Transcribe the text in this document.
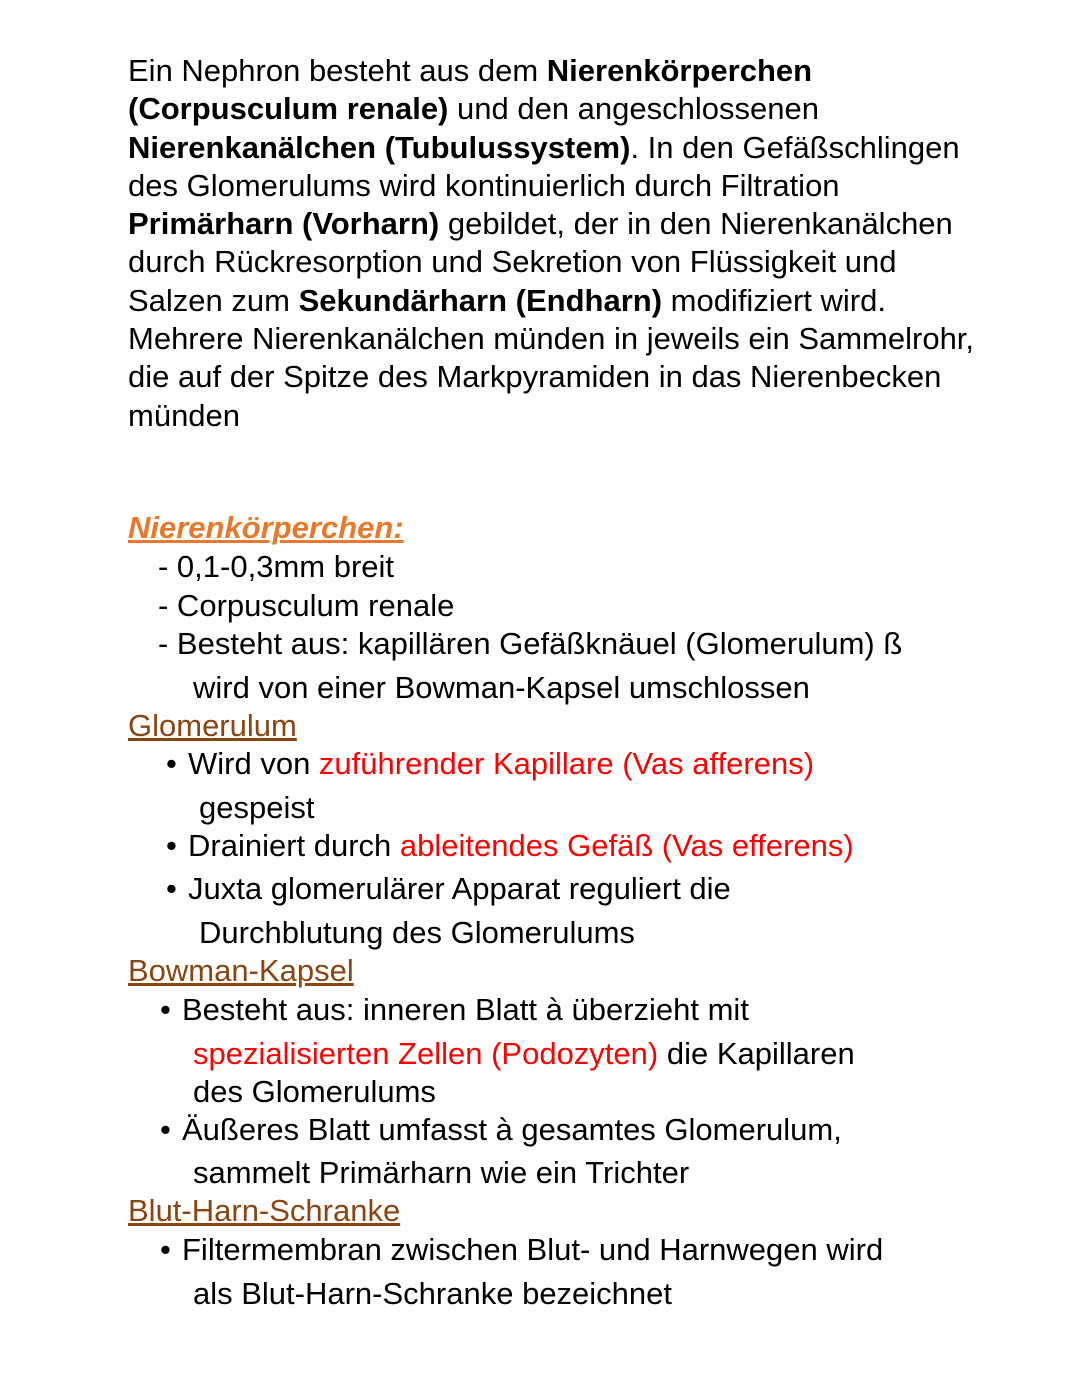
Ein Nephron besteht aus dem Nierenkörperchen (Corpusculum renale) und den angeschlossenen Nierenkanälchen (Tubulussystem). In den Gefäßschlingen des Glomerulums wird kontinuierlich durch Filtration Primärharn (Vorharn) gebildet, der in den Nierenkanälchen durch Rückresorption und Sekretion von Flüssigkeit und Salzen zum Sekundärharn (Endharn) modifiziert wird. Mehrere Nierenkanälchen münden in jeweils ein Sammelrohr, die auf der Spitze des Markpyramiden in das Nierenbecken münden
Nierenkörperchen:
- 0,1-0,3mm breit
- Corpusculum renale
- Besteht aus: kapillären Gefäßknäuel (Glomerulum) ß
wird von einer Bowman-Kapsel umschlossen
Glomerulum
• Wird von zuführender Kapillare (Vas afferens)
gespeist
• Drainiert durch ableitendes Gefäß (Vas efferens)
• Juxta glomerulärer Apparat reguliert die
Durchblutung des Glomerulums
Bowman-Kapsel
• Besteht aus: inneren Blatt à überzieht mit
spezialisierten Zellen (Podozyten) die Kapillaren
des Glomerulums
• Äußeres Blatt umfasst à gesamtes Glomerulum,
sammelt Primärharn wie ein Trichter
Blut-Harn-Schranke
• Filtermembran zwischen Blut- und Harnwegen wird
als Blut-Harn-Schranke bezeichnet
